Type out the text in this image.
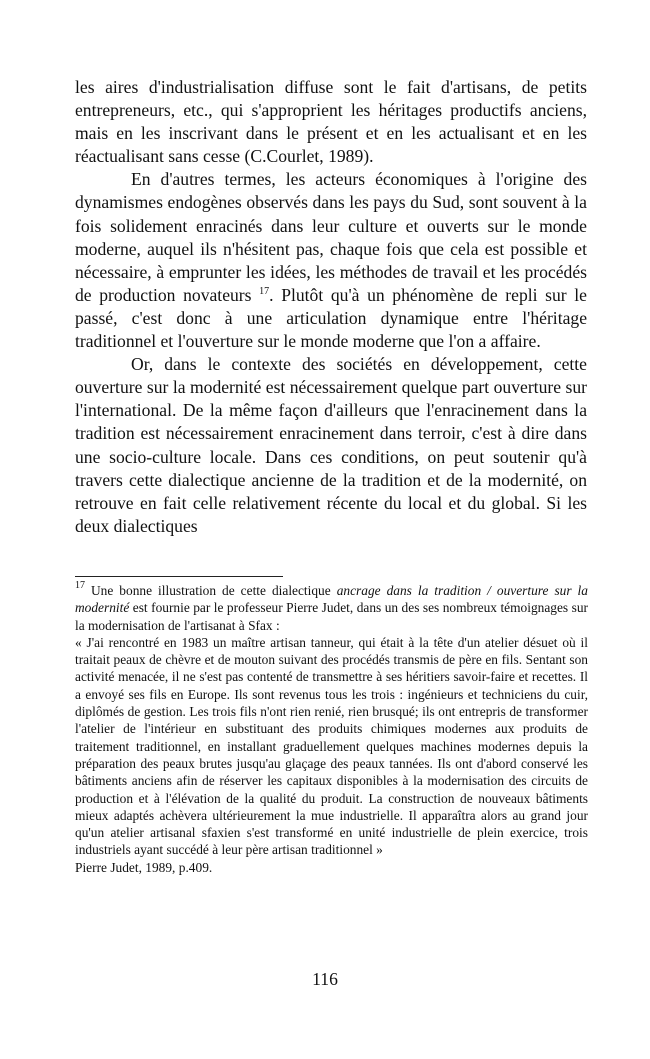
les aires d'industrialisation diffuse sont le fait d'artisans, de petits entrepreneurs, etc., qui s'approprient les héritages productifs anciens, mais en les inscrivant dans le présent et en les actualisant et en les réactualisant sans cesse (C.Courlet, 1989).

En d'autres termes, les acteurs économiques à l'origine des dynamismes endogènes observés dans les pays du Sud, sont souvent à la fois solidement enracinés dans leur culture et ouverts sur le monde moderne, auquel ils n'hésitent pas, chaque fois que cela est possible et nécessaire, à emprunter les idées, les méthodes de travail et les procédés de production novateurs $^{17}$. Plutôt qu'à un phénomène de repli sur le passé, c'est donc à une articulation dynamique entre l'héritage traditionnel et l'ouverture sur le monde moderne que l'on a affaire.

Or, dans le contexte des sociétés en développement, cette ouverture sur la modernité est nécessairement quelque part ouverture sur l'international. De la même façon d'ailleurs que l'enracinement dans la tradition est nécessairement enracinement dans terroir, c'est à dire dans une socio-culture locale. Dans ces conditions, on peut soutenir qu'à travers cette dialectique ancienne de la tradition et de la modernité, on retrouve en fait celle relativement récente du local et du global. Si les deux dialectiques

$^{17}$ Une bonne illustration de cette dialectique ancrage dans la tradition / ouverture sur la modernité est fournie par le professeur Pierre Judet, dans un des ses nombreux témoignages sur la modernisation de l'artisanat à Sfax :

« J'ai rencontré en 1983 un maître artisan tanneur, qui était à la tête d'un atelier désuet où il traitait peaux de chèvre et de mouton suivant des procédés transmis de père en fils. Sentant son activité menacée, il ne s'est pas contenté de transmettre à ses héritiers savoir-faire et recettes. Il a envoyé ses fils en Europe. Ils sont revenus tous les trois : ingénieurs et techniciens du cuir, diplômés de gestion. Les trois fils n'ont rien renié, rien brusqué; ils ont entrepris de transformer l'atelier de l'intérieur en substituant des produits chimiques modernes aux produits de traitement traditionnel, en installant graduellement quelques machines modernes depuis la préparation des peaux brutes jusqu'au glaçage des peaux tannées. Ils ont d'abord conservé les bâtiments anciens afin de réserver les capitaux disponibles à la modernisation des circuits de production et à l'élévation de la qualité du produit. La construction de nouveaux bâtiments mieux adaptés achèvera ultérieurement la mue industrielle. Il apparaîtra alors au grand jour qu'un atelier artisanal sfaxien s'est transformé en unité industrielle de plein exercice, trois industriels ayant succédé à leur père artisan traditionnel »

Pierre Judet, 1989, p.409.

116
